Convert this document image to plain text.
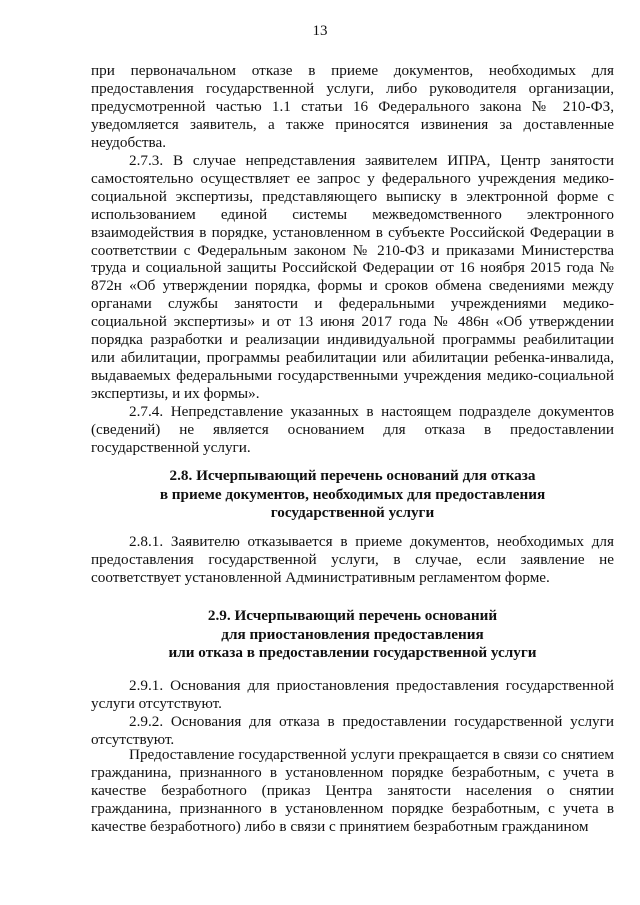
13

при первоначальном отказе в приеме документов, необходимых для предоставления государственной услуги, либо руководителя организации, предусмотренной частью 1.1 статьи 16 Федерального закона № 210-ФЗ, уведомляется заявитель, а также приносятся извинения за доставленные неудобства.

2.7.3. В случае непредставления заявителем ИПРА, Центр занятости самостоятельно осуществляет ее запрос у федерального учреждения медико-социальной экспертизы, представляющего выписку в электронной форме с использованием единой системы межведомственного электронного взаимодействия в порядке, установленном в субъекте Российской Федерации в соответствии с Федеральным законом № 210-ФЗ и приказами Министерства труда и социальной защиты Российской Федерации от 16 ноября 2015 года № 872н «Об утверждении порядка, формы и сроков обмена сведениями между органами службы занятости и федеральными учреждениями медико-социальной экспертизы» и от 13 июня 2017 года № 486н «Об утверждении порядка разработки и реализации индивидуальной программы реабилитации или абилитации, программы реабилитации или абилитации ребенка-инвалида, выдаваемых федеральными государственными учреждения медико-социальной экспертизы, и их формы».

2.7.4. Непредставление указанных в настоящем подразделе документов (сведений) не является основанием для отказа в предоставлении государственной услуги.

2.8. Исчерпывающий перечень оснований для отказа
в приеме документов, необходимых для предоставления
государственной услуги

2.8.1. Заявителю отказывается в приеме документов, необходимых для предоставления государственной услуги, в случае, если заявление не соответствует установленной Административным регламентом форме.

2.9. Исчерпывающий перечень оснований
для приостановления предоставления
или отказа в предоставлении государственной услуги

2.9.1. Основания для приостановления предоставления государственной услуги отсутствуют.

2.9.2. Основания для отказа в предоставлении государственной услуги отсутствуют.

Предоставление государственной услуги прекращается в связи со снятием гражданина, признанного в установленном порядке безработным, с учета в качестве безработного (приказ Центра занятости населения о снятии гражданина, признанного в установленном порядке безработным, с учета в качестве безработного) либо в связи с принятием безработным гражданином
